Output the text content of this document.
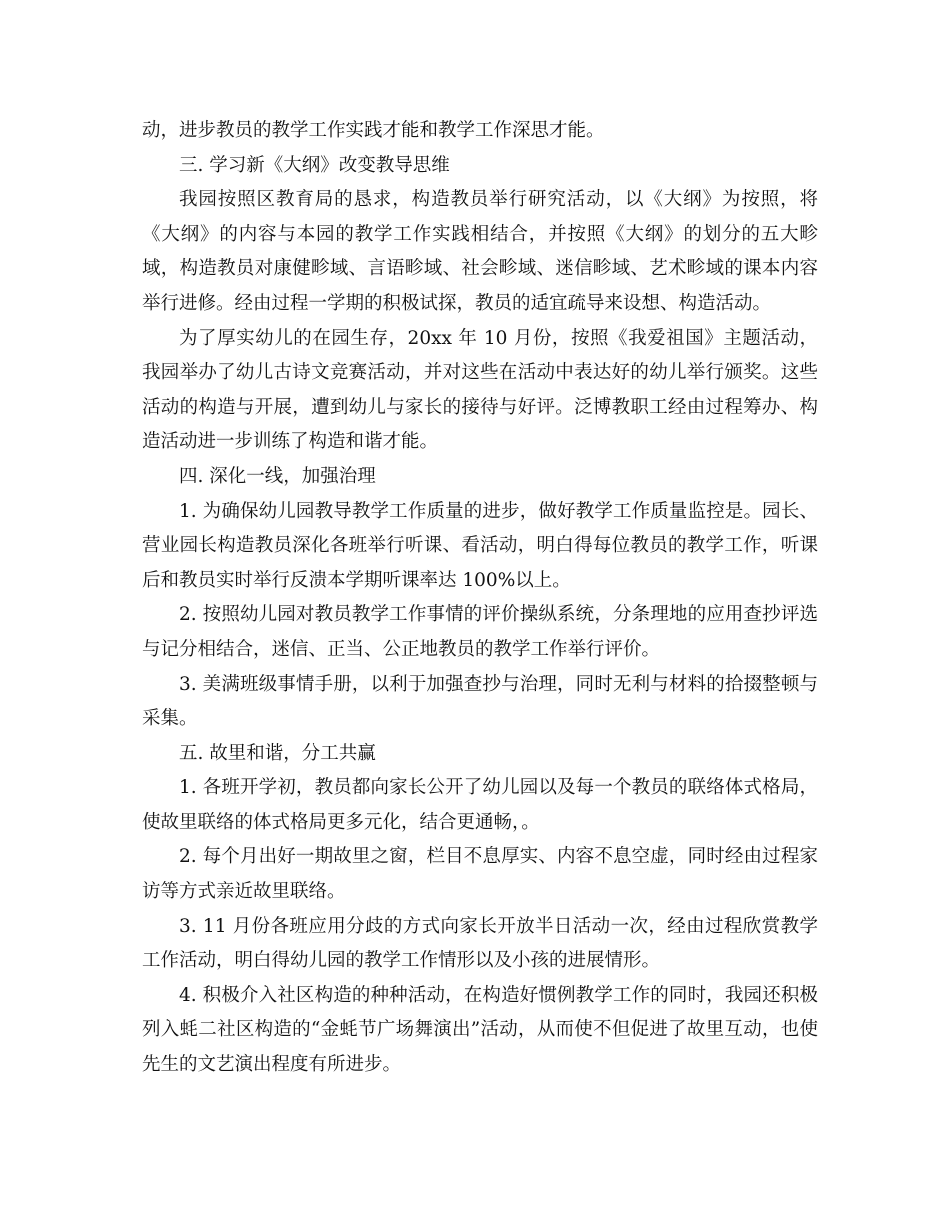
动，进步教员的教学工作实践才能和教学工作深思才能。

三. 学习新《大纲》改变教导思维

我园按照区教育局的恳求，构造教员举行研究活动，以《大纲》为按照，将《大纲》的内容与本园的教学工作实践相结合，并按照《大纲》的划分的五大畛域，构造教员对康健畛域、言语畛域、社会畛域、迷信畛域、艺术畛域的课本内容举行进修。经由过程一学期的积极试探，教员的适宜疏导来设想、构造活动。

为了厚实幼儿的在园生存，20xx 年 10 月份，按照《我爱祖国》主题活动，我园举办了幼儿古诗文竞赛活动，并对这些在活动中表达好的幼儿举行颁奖。这些活动的构造与开展，遭到幼儿与家长的接待与好评。泛博教职工经由过程筹办、构造活动进一步训练了构造和谐才能。

四. 深化一线，加强治理

1. 为确保幼儿园教导教学工作质量的进步，做好教学工作质量监控是。园长、营业园长构造教员深化各班举行听课、看活动，明白得每位教员的教学工作，听课后和教员实时举行反溃本学期听课率达 100%以上。

2. 按照幼儿园对教员教学工作事情的评价操纵系统，分条理地的应用查抄评选与记分相结合，迷信、正当、公正地教员的教学工作举行评价。

3. 美满班级事情手册，以利于加强查抄与治理，同时无利与材料的拾掇整顿与采集。

五. 故里和谐，分工共赢

1. 各班开学初，教员都向家长公开了幼儿园以及每一个教员的联络体式格局，使故里联络的体式格局更多元化，结合更通畅，。

2. 每个月出好一期故里之窗，栏目不息厚实、内容不息空虚，同时经由过程家访等方式亲近故里联络。

3. 11 月份各班应用分歧的方式向家长开放半日活动一次，经由过程欣赏教学工作活动，明白得幼儿园的教学工作情形以及小孩的进展情形。

4. 积极介入社区构造的种种活动，在构造好惯例教学工作的同时，我园还积极列入蚝二社区构造的“金蚝节广场舞演出”活动，从而使不但促进了故里互动，也使先生的文艺演出程度有所进步。
